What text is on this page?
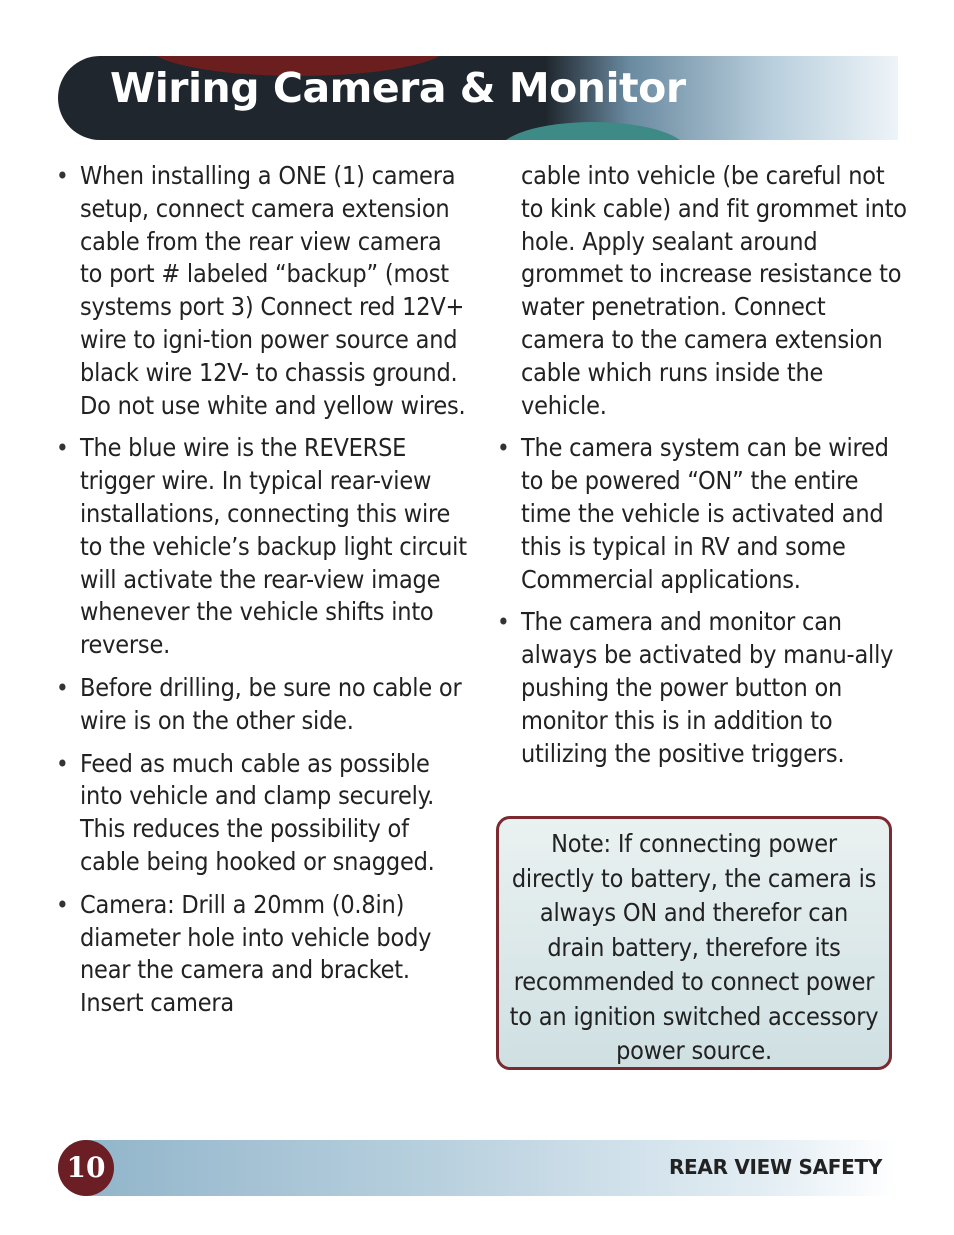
Wiring Camera & Monitor
• When installing a ONE (1) camera setup, connect camera extension cable from the rear view camera to port # labeled “backup” (most systems port 3) Connect red 12V+ wire to igni-tion power source and black wire 12V- to chassis ground. Do not use white and yellow wires.
• The blue wire is the REVERSE trigger wire. In typical rear-view installations, connecting this wire to the vehicle’s backup light circuit will activate the rear-view image whenever the vehicle shifts into reverse.
• Before drilling, be sure no cable or wire is on the other side.
• Feed as much cable as possible into vehicle and clamp securely. This reduces the possibility of cable being hooked or snagged.
• Camera: Drill a 20mm (0.8in) diameter hole into vehicle body near the camera and bracket. Insert camera
cable into vehicle (be careful not to kink cable) and fit grommet into hole. Apply sealant around grommet to increase resistance to water penetration. Connect camera to the camera extension cable which runs inside the vehicle.
• The camera system can be wired to be powered “ON” the entire time the vehicle is activated and this is typical in RV and some Commercial applications.
• The camera and monitor can always be activated by manu-ally pushing the power button on monitor this is in addition to utilizing the positive triggers.
Note: If connecting power directly to battery, the camera is always ON and therefor can drain battery, therefore its recommended to connect power to an ignition switched accessory power source.
10	REAR VIEW SAFETY
